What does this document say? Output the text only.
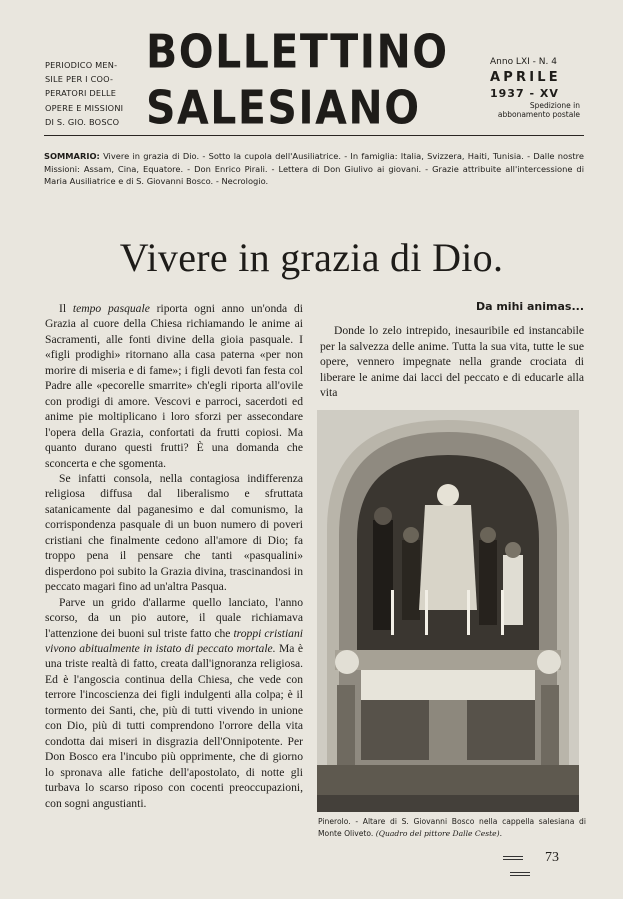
PERIODICO MEN-
SILE PER I COO-
PERATORI DELLE
OPERE E MISSIONI
DI S. GIO. BOSCO
BOLLETTINO
SALESIANO
Anno LXI - N. 4
APRILE
1937 - XV
Spedizione in abbonamento postale
SOMMARIO: Vivere in grazia di Dio. - Sotto la cupola dell'Ausiliatrice. - In famiglia: Italia, Svizzera, Haiti, Tunisia. - Dalle nostre Missioni: Assam, Cina, Equatore. - Don Enrico Pirali. - Lettera di Don Giulivo ai giovani. - Grazie attribuite all'intercessione di Maria Ausiliatrice e di S. Giovanni Bosco. - Necrologio.
Vivere in grazia di Dio.

Il tempo pasquale riporta ogni anno un'onda di Grazia al cuore della Chiesa richiamando le anime ai Sacramenti, alle fonti divine della gioia pasquale. I «figli prodighi» ritornano alla casa paterna «per non morire di miseria e di fame»; i figli devoti fan festa col Padre alle «pecorelle smarrite» ch'egli riporta all'ovile con prodigi di amore. Vescovi e parroci, sacerdoti ed anime pie moltiplicano i loro sforzi per assecondare l'opera della Grazia, confortati da frutti copiosi. Ma quanto durano questi frutti? È una domanda che sconcerta e che sgomenta.

Se infatti consola, nella contagiosa indifferenza religiosa diffusa dal liberalismo e sfruttata satanicamente dal paganesimo e dal comunismo, la corrispondenza pasquale di un buon numero di poveri cristiani che finalmente cedono all'amore di Dio; fa troppo pena il pensare che tanti «pasqualini» disperdono poi subito la Grazia divina, trascinandosi in peccato magari fino ad un'altra Pasqua.

Parve un grido d'allarme quello lanciato, l'anno scorso, da un pio autore, il quale richiamava l'attenzione dei buoni sul triste fatto che troppi cristiani vivono abitualmente in istato di peccato mortale. Ma è una triste realtà di fatto, creata dall'ignoranza religiosa. Ed è l'angoscia continua della Chiesa, che vede con terrore l'incoscienza dei figli indulgenti alla colpa; è il tormento dei Santi, che, più di tutti vivendo in unione con Dio, più di tutti comprendono l'orrore della vita condotta dai miseri in disgrazia dell'Onnipotente. Per Don Bosco era l'incubo più opprimente, che di giorno lo spronava alle fatiche dell'apostolato, di notte gli turbava lo scarso riposo con cocenti preoccupazioni, con sogni angustianti.

Da mihi animas...

Donde lo zelo intrepido, inesauribile ed instancabile per la salvezza delle anime. Tutta la sua vita, tutte le sue opere, vennero impegnate nella grande crociata di liberare le anime dai lacci del peccato e di educarle alla vita

Pinerolo. - Altare di S. Giovanni Bosco nella cappella salesiana di Monte Oliveto. (Quadro del pittore Dalle Ceste).
73
